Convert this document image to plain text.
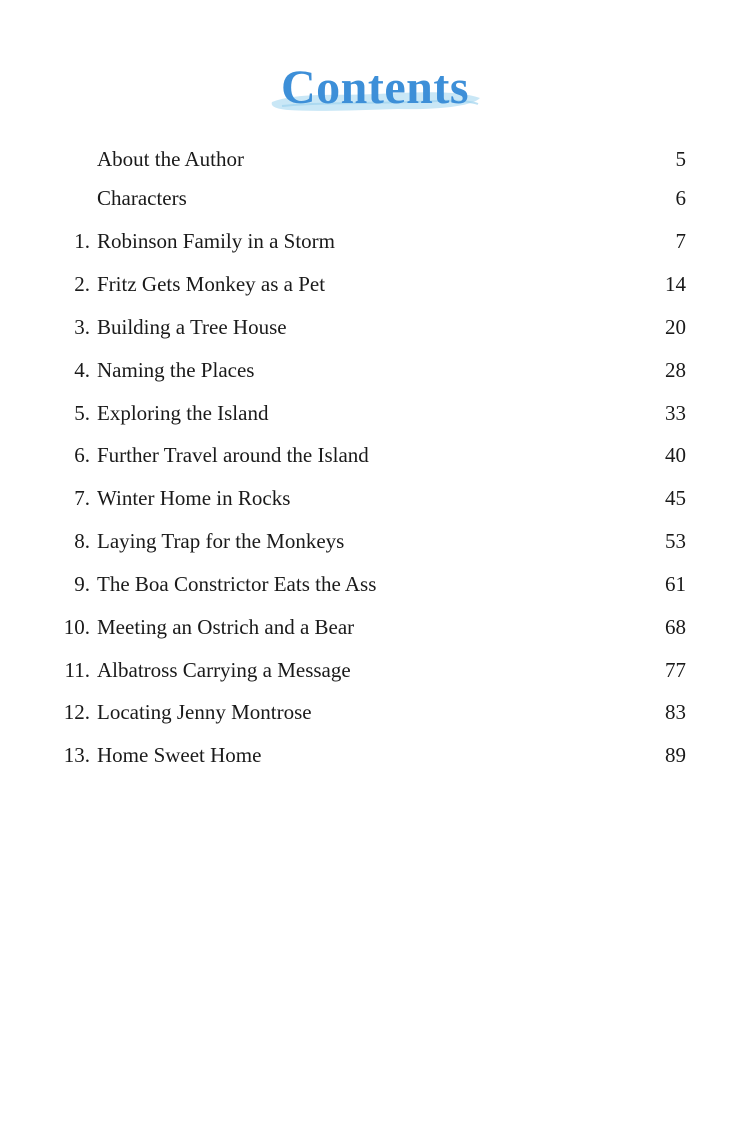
Contents
About the Author	5
Characters	6
1. Robinson Family in a Storm	7
2. Fritz Gets Monkey as a Pet	14
3. Building a Tree House	20
4. Naming the Places	28
5. Exploring the Island	33
6. Further Travel around the Island	40
7. Winter Home in Rocks	45
8. Laying Trap for the Monkeys	53
9. The Boa Constrictor Eats the Ass	61
10. Meeting an Ostrich and a Bear	68
11. Albatross Carrying a Message	77
12. Locating Jenny Montrose	83
13. Home Sweet Home	89
